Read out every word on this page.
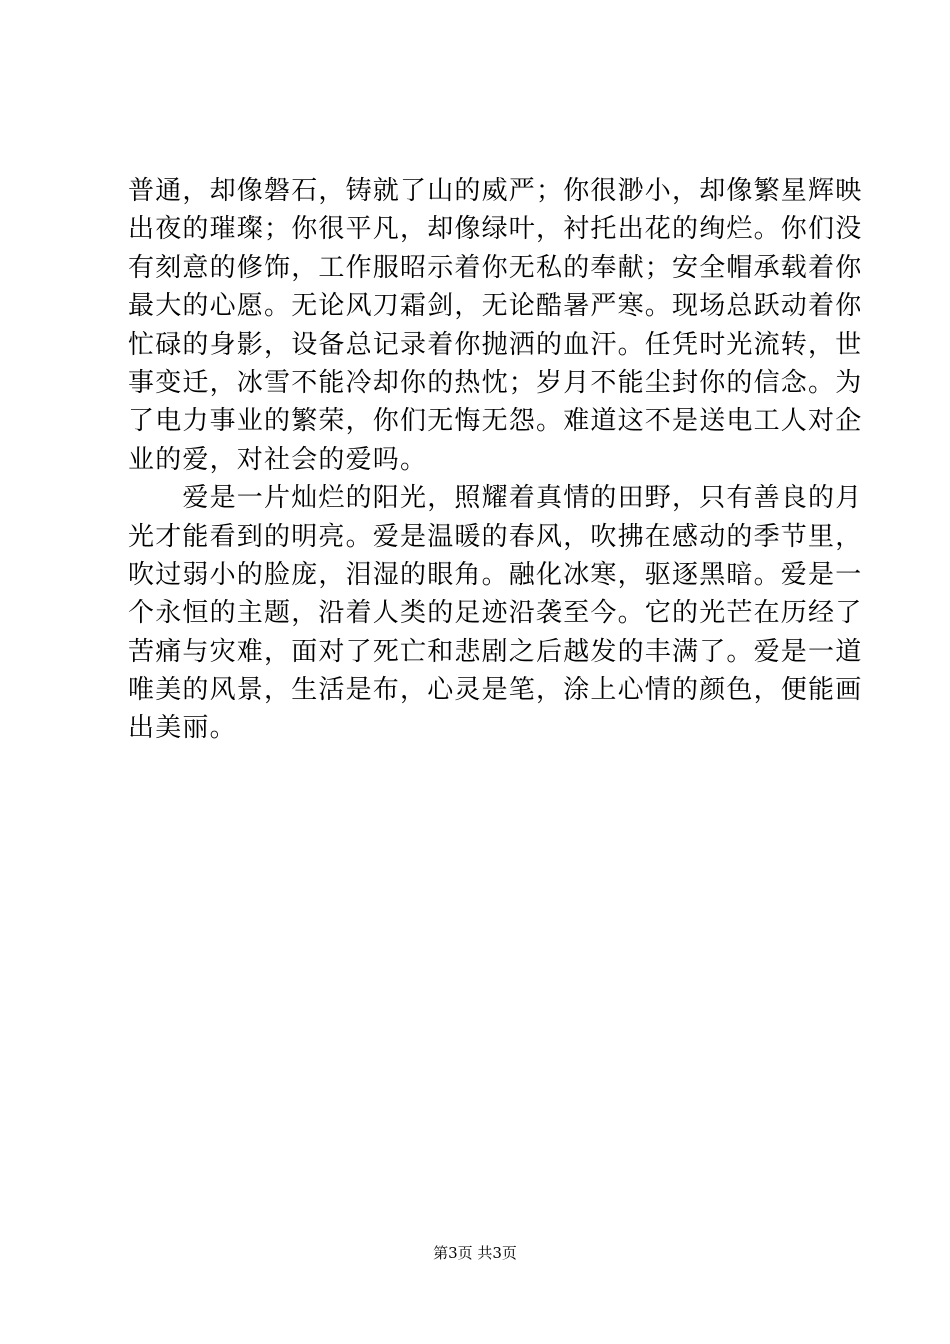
普通，却像磐石，铸就了山的威严；你很渺小，却像繁星辉映
出夜的璀璨；你很平凡，却像绿叶，衬托出花的绚烂。你们没
有刻意的修饰，工作服昭示着你无私的奉献；安全帽承载着你
最大的心愿。无论风刀霜剑，无论酷暑严寒。现场总跃动着你
忙碌的身影，设备总记录着你抛洒的血汗。任凭时光流转，世
事变迁，冰雪不能冷却你的热忱；岁月不能尘封你的信念。为
了电力事业的繁荣，你们无悔无怨。难道这不是送电工人对企
业的爱，对社会的爱吗。
　　爱是一片灿烂的阳光，照耀着真情的田野，只有善良的月
光才能看到的明亮。爱是温暖的春风，吹拂在感动的季节里，
吹过弱小的脸庞，泪湿的眼角。融化冰寒，驱逐黑暗。爱是一
个永恒的主题，沿着人类的足迹沿袭至今。它的光芒在历经了
苦痛与灾难，面对了死亡和悲剧之后越发的丰满了。爱是一道
唯美的风景，生活是布，心灵是笔，涂上心情的颜色，便能画
出美丽。
第3页 共3页
